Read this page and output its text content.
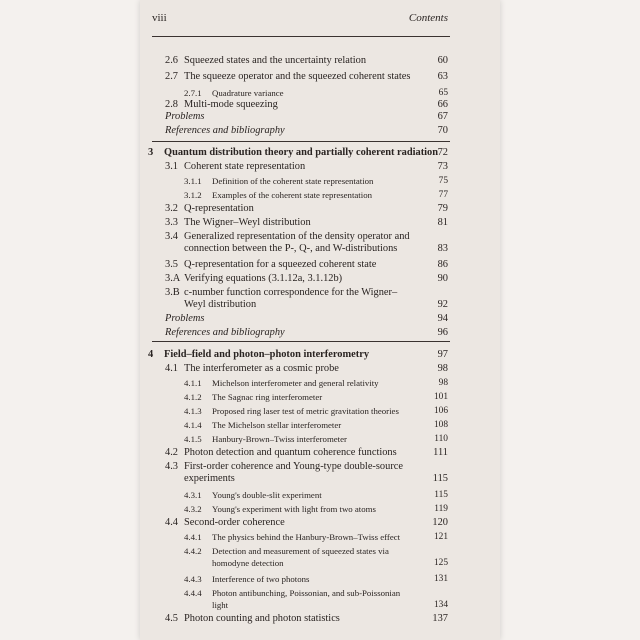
viii	Contents
2.6 Squeezed states and the uncertainty relation	60
2.7 The squeeze operator and the squeezed coherent states	63
2.7.1 Quadrature variance	65
2.8 Multi-mode squeezing	66
Problems	67
References and bibliography	70
3 Quantum distribution theory and partially coherent radiation 72
3.1 Coherent state representation	73
3.1.1 Definition of the coherent state representation	75
3.1.2 Examples of the coherent state representation	77
3.2 Q-representation	79
3.3 The Wigner–Weyl distribution	81
3.4 Generalized representation of the density operator and
connection between the P-, Q-, and W-distributions	83
3.5 Q-representation for a squeezed coherent state	86
3.A Verifying equations (3.1.12a, 3.1.12b)	90
3.B c-number function correspondence for the Wigner–
Weyl distribution	92
Problems	94
References and bibliography	96
4 Field–field and photon–photon interferometry	97
4.1 The interferometer as a cosmic probe	98
4.1.1 Michelson interferometer and general relativity	98
4.1.2 The Sagnac ring interferometer	101
4.1.3 Proposed ring laser test of metric gravitation theories	106
4.1.4 The Michelson stellar interferometer	108
4.1.5 Hanbury-Brown–Twiss interferometer	110
4.2 Photon detection and quantum coherence functions	111
4.3 First-order coherence and Young-type double-source
experiments	115
4.3.1 Young's double-slit experiment	115
4.3.2 Young's experiment with light from two atoms	119
4.4 Second-order coherence	120
4.4.1 The physics behind the Hanbury-Brown–Twiss effect	121
4.4.2 Detection and measurement of squeezed states via
homodyne detection	125
4.4.3 Interference of two photons	131
4.4.4 Photon antibunching, Poissonian, and sub-Poissonian
light	134
4.5 Photon counting and photon statistics	137
